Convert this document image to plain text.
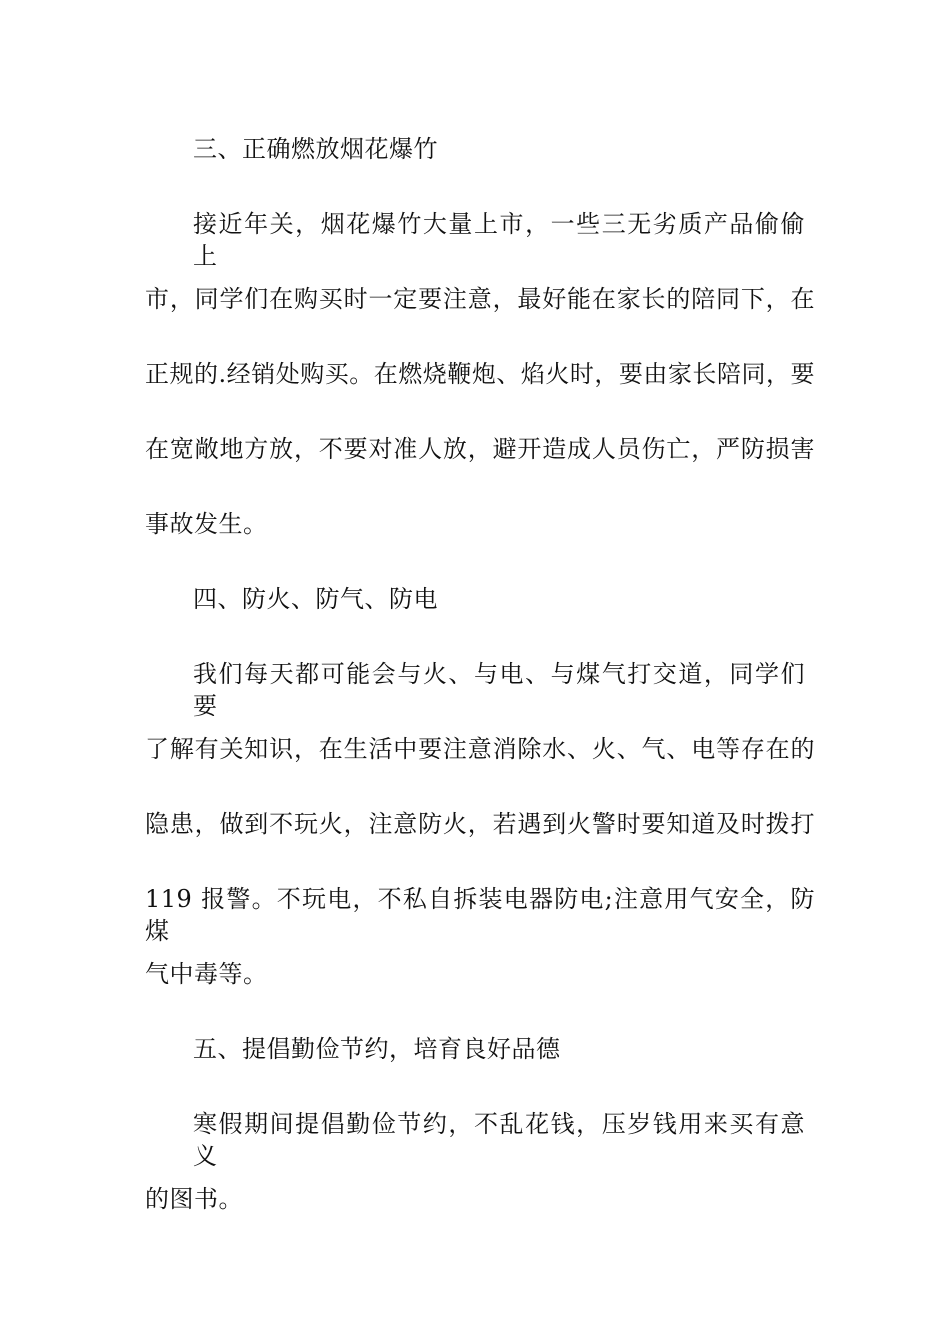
三、正确燃放烟花爆竹
接近年关，烟花爆竹大量上市，一些三无劣质产品偷偷上
市，同学们在购买时一定要注意，最好能在家长的陪同下，在
正规的.经销处购买。在燃烧鞭炮、焰火时，要由家长陪同，要
在宽敞地方放，不要对准人放，避开造成人员伤亡，严防损害
事故发生。
四、防火、防气、防电
我们每天都可能会与火、与电、与煤气打交道，同学们要
了解有关知识，在生活中要注意消除水、火、气、电等存在的
隐患，做到不玩火，注意防火，若遇到火警时要知道及时拨打
119 报警。不玩电，不私自拆装电器防电;注意用气安全，防煤
气中毒等。
五、提倡勤俭节约，培育良好品德
寒假期间提倡勤俭节约，不乱花钱，压岁钱用来买有意义
的图书。
